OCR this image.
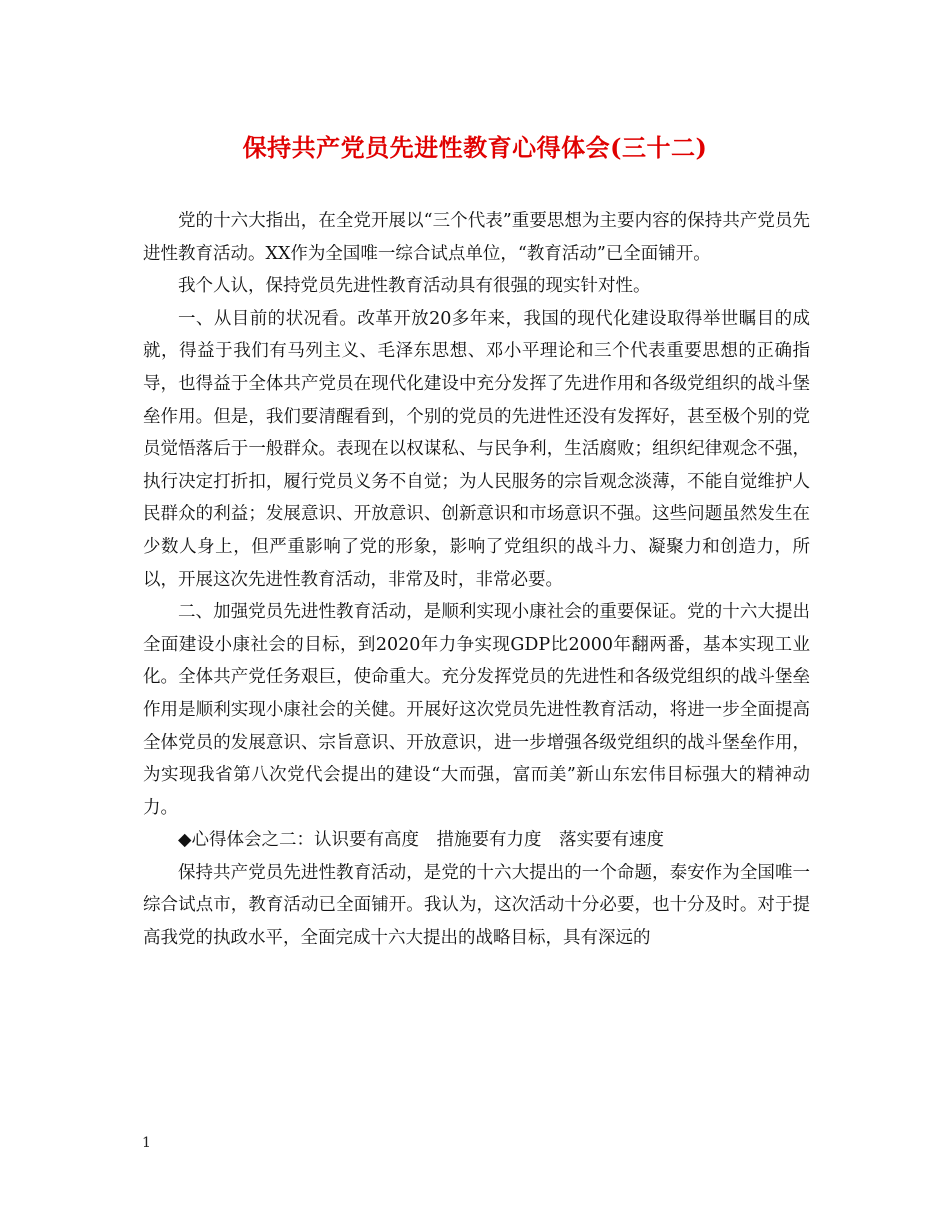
保持共产党员先进性教育心得体会(三十二)

党的十六大指出，在全党开展以“三个代表”重要思想为主要内容的保持共产党员先进性教育活动。XX作为全国唯一综合试点单位，“教育活动”已全面铺开。

我个人认，保持党员先进性教育活动具有很强的现实针对性。

一、从目前的状况看。改革开放20多年来，我国的现代化建设取得举世瞩目的成就，得益于我们有马列主义、毛泽东思想、邓小平理论和三个代表重要思想的正确指导，也得益于全体共产党员在现代化建设中充分发挥了先进作用和各级党组织的战斗堡垒作用。但是，我们要清醒看到，个别的党员的先进性还没有发挥好，甚至极个别的党员觉悟落后于一般群众。表现在以权谋私、与民争利，生活腐败；组织纪律观念不强，执行决定打折扣，履行党员义务不自觉；为人民服务的宗旨观念淡薄，不能自觉维护人民群众的利益；发展意识、开放意识、创新意识和市场意识不强。这些问题虽然发生在少数人身上，但严重影响了党的形象，影响了党组织的战斗力、凝聚力和创造力，所以，开展这次先进性教育活动，非常及时，非常必要。

二、加强党员先进性教育活动，是顺利实现小康社会的重要保证。党的十六大提出全面建设小康社会的目标，到2020年力争实现GDP比2000年翻两番，基本实现工业化。全体共产党任务艰巨，使命重大。充分发挥党员的先进性和各级党组织的战斗堡垒作用是顺利实现小康社会的关健。开展好这次党员先进性教育活动，将进一步全面提高全体党员的发展意识、宗旨意识、开放意识，进一步增强各级党组织的战斗堡垒作用，为实现我省第八次党代会提出的建设“大而强，富而美”新山东宏伟目标强大的精神动力。

◆心得体会之二：认识要有高度　措施要有力度　落实要有速度

保持共产党员先进性教育活动，是党的十六大提出的一个命题，泰安作为全国唯一综合试点市，教育活动已全面铺开。我认为，这次活动十分必要，也十分及时。对于提高我党的执政水平，全面完成十六大提出的战略目标，具有深远的

1
